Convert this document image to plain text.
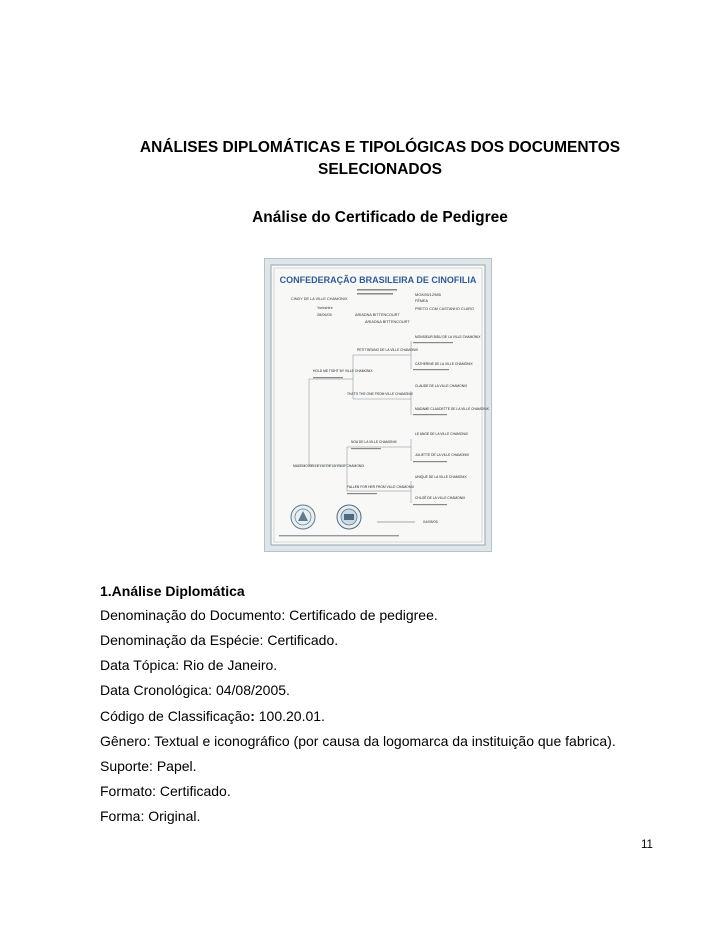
ANÁLISES DIPLOMÁTICAS E TIPOLÓGICAS DOS DOCUMENTOS
SELECIONADOS
Análise do Certificado de Pedigree
CONFEDERAÇÃO BRASILEIRA DE CINOFILIA
MGK05/12985
CINDY DE LA VILLE CHAMONIX	FÊMEA
Yorkshire	PRETO COM CASTANHO CLARO
28/06/05	ARIADNA BITTENCOURT
ARIADNA BITTENCOURT
MONSIEUR BIDU DE LA VILLE CHAMONIX
PETIT BRUNO DE LA VILLE CHAMONIX
CATHERINE DE LA VILLE CHAMONIX
HOLD ME TIGHT BY VILLE CHAMONIX
CLAUDE DE LA VILLE CHAMONIX
THAT'S THE ONE FROM VILLE CHAMONIX
MADAME CLAUDETTE DE LA VILLE CHAMONIX
LE ANGE DE LA VILLE CHAMONIX
NOA DE LA VILLE CHAMONIX
JULIETTE DE LA VILLE CHAMONIX
MADEMOISELLE LILI DE LA VILLE CHAMONIX
UNIQUE DE LA VILLE CHAMONIX
FALLEN FOR HER FROM VILLE CHAMONIX
CHLOÉ DE LA VILLE CHAMONIX
04/08/05
1.Análise Diplomática
Denominação do Documento: Certificado de pedigree.
Denominação da Espécie: Certificado.
Data Tópica: Rio de Janeiro.
Data Cronológica: 04/08/2005.
Código de Classificação: 100.20.01.
Gênero: Textual e iconográfico (por causa da logomarca da instituição que fabrica).
Suporte: Papel.
Formato: Certificado.
Forma: Original.
11
